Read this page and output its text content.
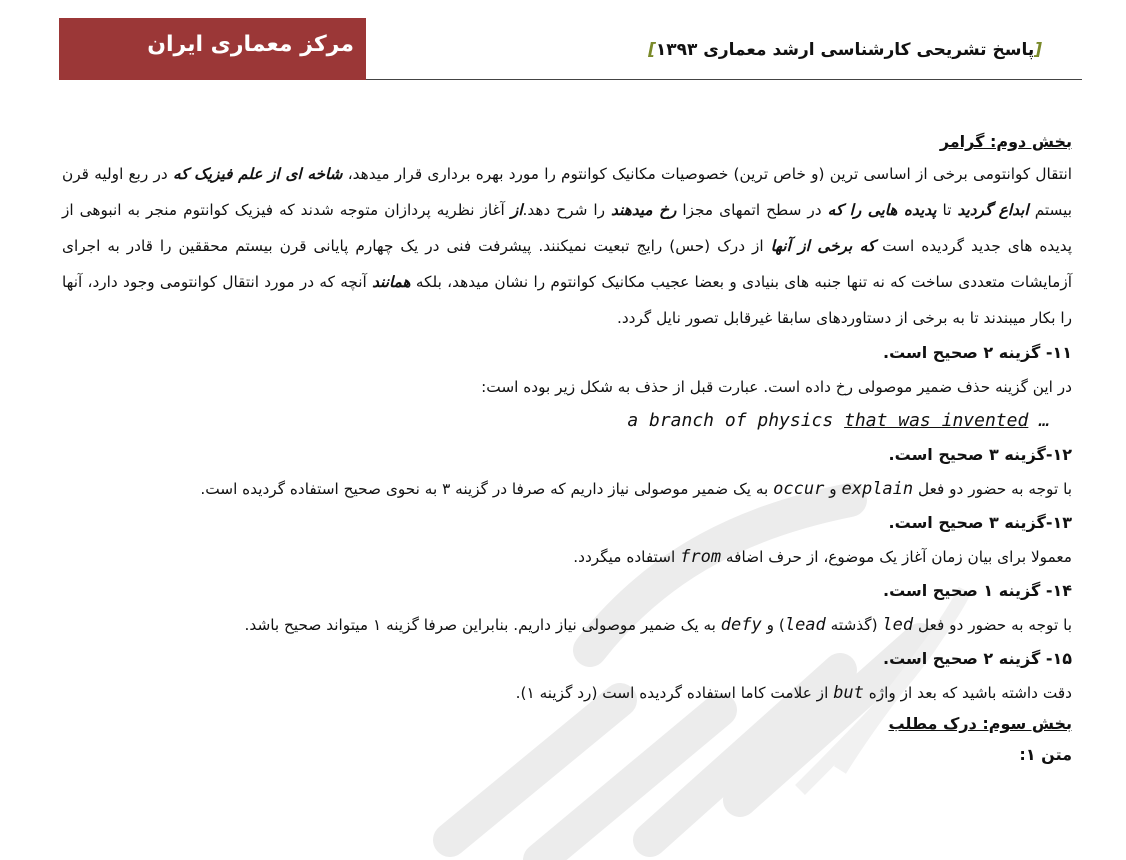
مرکز معماری ایران	[پاسخ تشریحی کارشناسی ارشد معماری ۱۳۹۳]

بخش دوم: گرامر

انتقال کوانتومی برخی از اساسی ترین (و خاص ترین) خصوصیات مکانیک کوانتوم را مورد بهره برداری قرار میدهد، شاخه ای از علم فیزیک که در ربع اولیه قرن بیستم ابداع گردید تا پدیده هایی را که در سطح اتمهای مجزا رخ میدهند را شرح دهد.از آغاز نظریه پردازان متوجه شدند که فیزیک کوانتوم منجر به انبوهی از پدیده های جدید گردیده است که برخی از آنها از درک (حس) رایج تبعیت نمیکنند. پیشرفت فنی در یک چهارم پایانی قرن بیستم محققین را قادر به اجرای آزمایشات متعددی ساخت که نه تنها جنبه های بنیادی و بعضا عجیب مکانیک کوانتوم را نشان میدهد، بلکه همانند آنچه که در مورد انتقال کوانتومی وجود دارد، آنها را بکار میبندند تا به برخی از دستاوردهای سابقا غیرقابل تصور نایل گردد.

۱۱- گزینه ۲ صحیح است.

در این گزینه حذف ضمیر موصولی رخ داده است. عبارت قبل از حذف به شکل زیر بوده است:

a branch of physics that was invented …

۱۲-گزینه ۳ صحیح است.

با توجه به حضور دو فعل explain و occur به یک ضمیر موصولی نیاز داریم که صرفا در گزینه ۳ به نحوی صحیح استفاده گردیده است.

۱۳-گزینه ۳ صحیح است.

معمولا برای بیان زمان آغاز یک موضوع، از حرف اضافه from استفاده میگردد.

۱۴- گزینه ۱ صحیح است.

با توجه به حضور دو فعل led (گذشته lead) و defy به یک ضمیر موصولی نیاز داریم. بنابراین صرفا گزینه ۱ میتواند صحیح باشد.

۱۵- گزینه ۲ صحیح است.

دقت داشته باشید که بعد از واژه but از علامت کاما استفاده گردیده است (رد گزینه ۱).

بخش سوم: درک مطلب

متن ۱:
